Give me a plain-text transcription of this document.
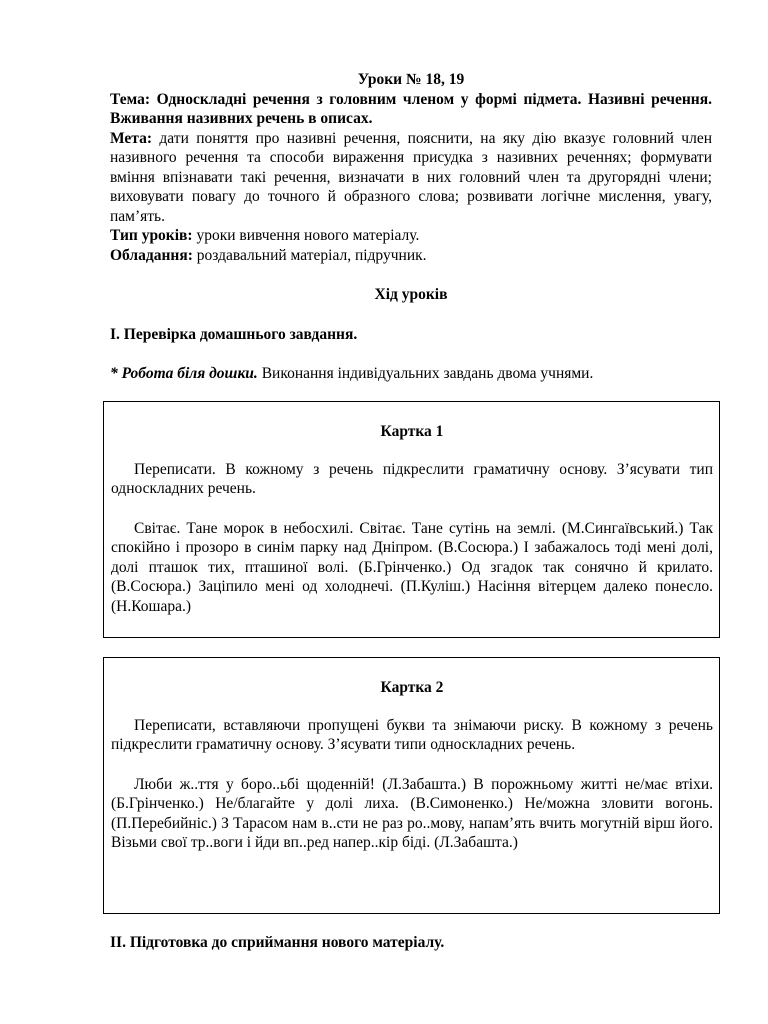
Уроки № 18, 19

Тема: Односкладні речення з головним членом у формі підмета. Називні речення. Вживання називних речень в описах.

Мета: дати поняття про називні речення, пояснити, на яку дію вказує головний член називного речення та способи вираження присудка з називних реченнях; формувати вміння впізнавати такі речення, визначати в них головний член та другорядні члени; виховувати повагу до точного й образного слова; розвивати логічне мислення, увагу, пам’ять.

Тип уроків: уроки вивчення нового матеріалу.

Обладання: роздавальний матеріал, підручник.

Хід уроків

І. Перевірка домашнього завдання.

* Робота біля дошки. Виконання індивідуальних завдань двома учнями.

Картка 1

Переписати. В кожному з речень підкреслити граматичну основу. З’ясувати тип односкладних речень.

Світає. Тане морок в небосхилі. Світає. Тане сутінь на землі. (М.Сингаївський.) Так спокійно і прозоро в синім парку над Дніпром. (В.Сосюра.) І забажалось тоді мені долі, долі пташок тих, пташиної волі. (Б.Грінченко.) Од згадок так сонячно й крилато. (В.Сосюра.) Заціпило мені од холоднечі. (П.Куліш.) Насіння вітерцем далеко понесло. (Н.Кошара.)

Картка 2

Переписати, вставляючи пропущені букви та знімаючи риску. В кожному з речень підкреслити граматичну основу. З’ясувати типи односкладних речень.

Люби ж..ття у боро..ьбі щоденній! (Л.Забашта.) В порожньому житті не/має втіхи. (Б.Грінченко.) Не/благайте у долі лиха. (В.Симоненко.) Не/можна зловити вогонь. (П.Перебийніс.) З Тарасом нам в..сти не раз ро..мову, напам’ять вчить могутній вірш його. Візьми свої тр..воги і йди вп..ред напер..кір біді. (Л.Забашта.)

ІІ. Підготовка до сприймання нового матеріалу.
